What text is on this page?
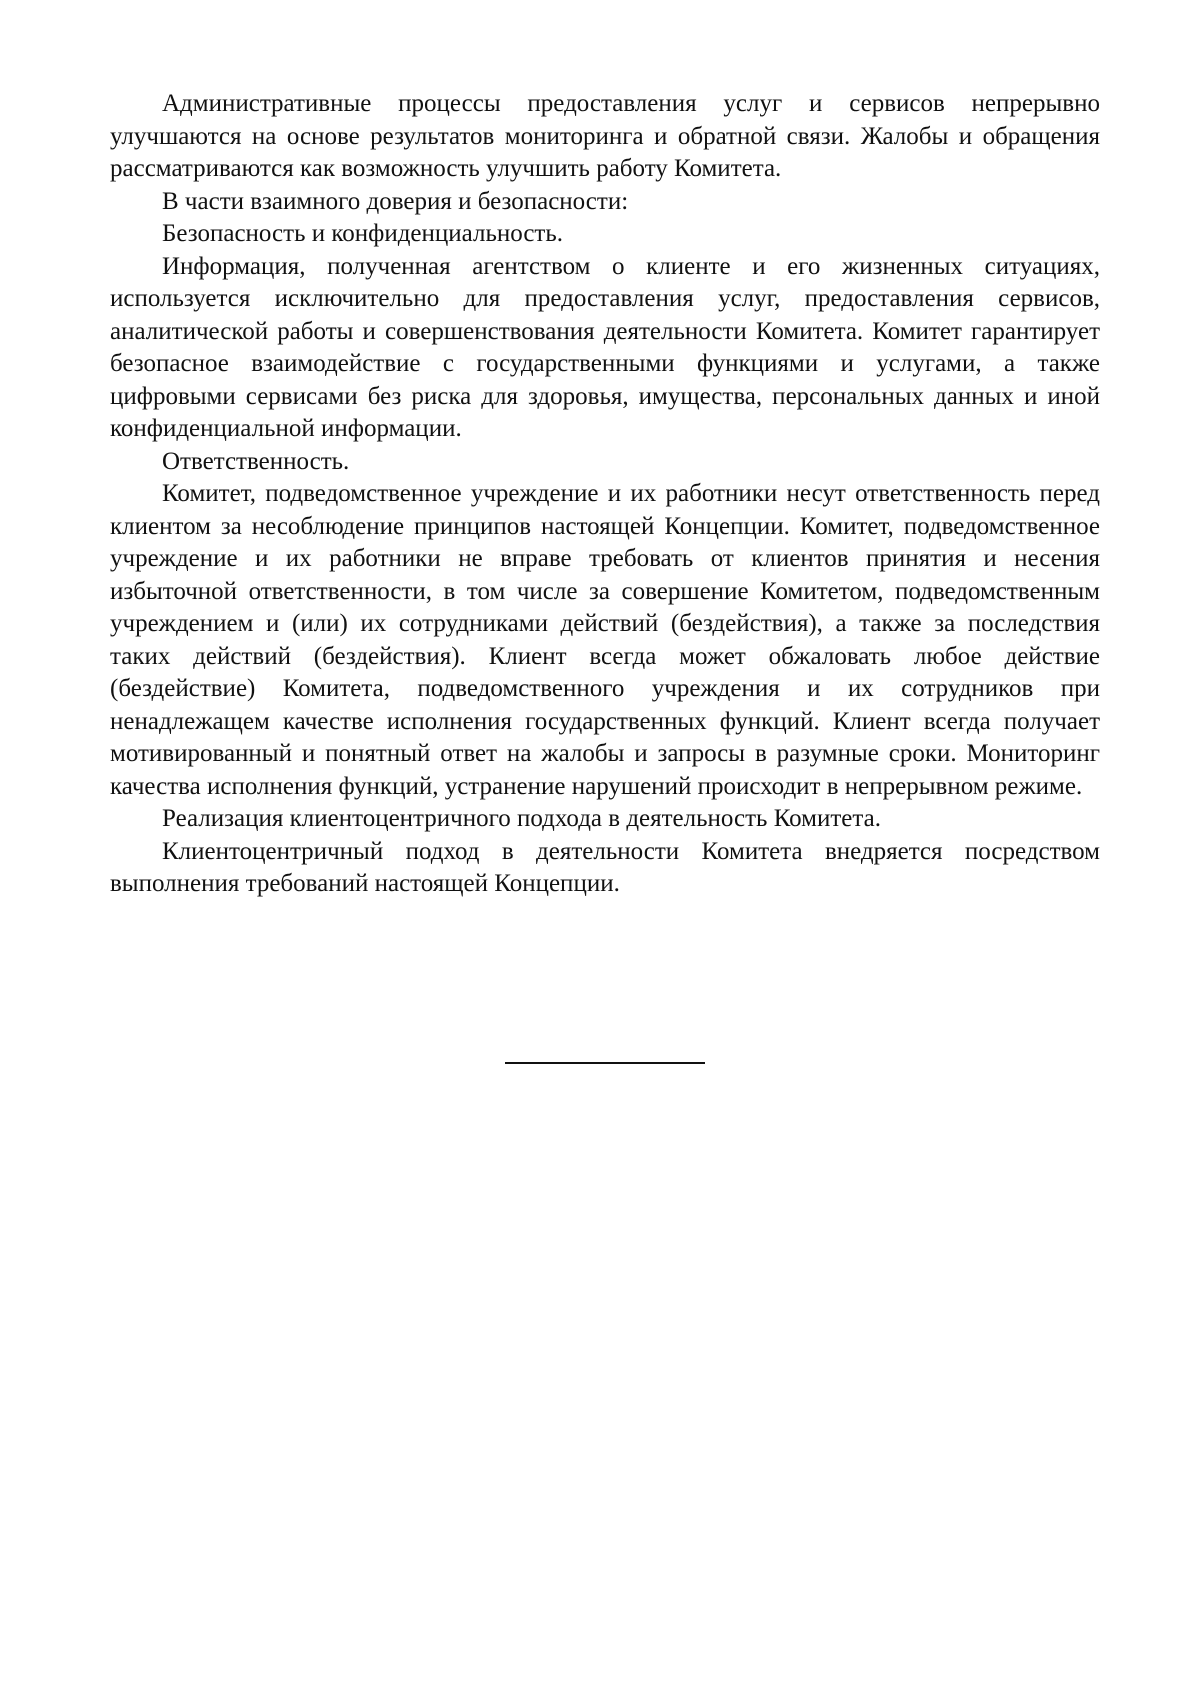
Административные процессы предоставления услуг и сервисов непрерывно улучшаются на основе результатов мониторинга и обратной связи. Жалобы и обращения рассматриваются как возможность улучшить работу Комитета.

В части взаимного доверия и безопасности:

Безопасность и конфиденциальность.

Информация, полученная агентством о клиенте и его жизненных ситуациях, используется исключительно для предоставления услуг, предоставления сервисов, аналитической работы и совершенствования деятельности Комитета. Комитет гарантирует безопасное взаимодействие с государственными функциями и услугами, а также цифровыми сервисами без риска для здоровья, имущества, персональных данных и иной конфиденциальной информации.

Ответственность.

Комитет, подведомственное учреждение и их работники несут ответственность перед клиентом за несоблюдение принципов настоящей Концепции. Комитет, подведомственное учреждение и их работники не вправе требовать от клиентов принятия и несения избыточной ответственности, в том числе за совершение Комитетом, подведомственным учреждением и (или) их сотрудниками действий (бездействия), а также за последствия таких действий (бездействия). Клиент всегда может обжаловать любое действие (бездействие) Комитета, подведомственного учреждения и их сотрудников при ненадлежащем качестве исполнения государственных функций. Клиент всегда получает мотивированный и понятный ответ на жалобы и запросы в разумные сроки. Мониторинг качества исполнения функций, устранение нарушений происходит в непрерывном режиме.

Реализация клиентоцентричного подхода в деятельность Комитета.

Клиентоцентричный подход в деятельности Комитета внедряется посредством выполнения требований настоящей Концепции.
